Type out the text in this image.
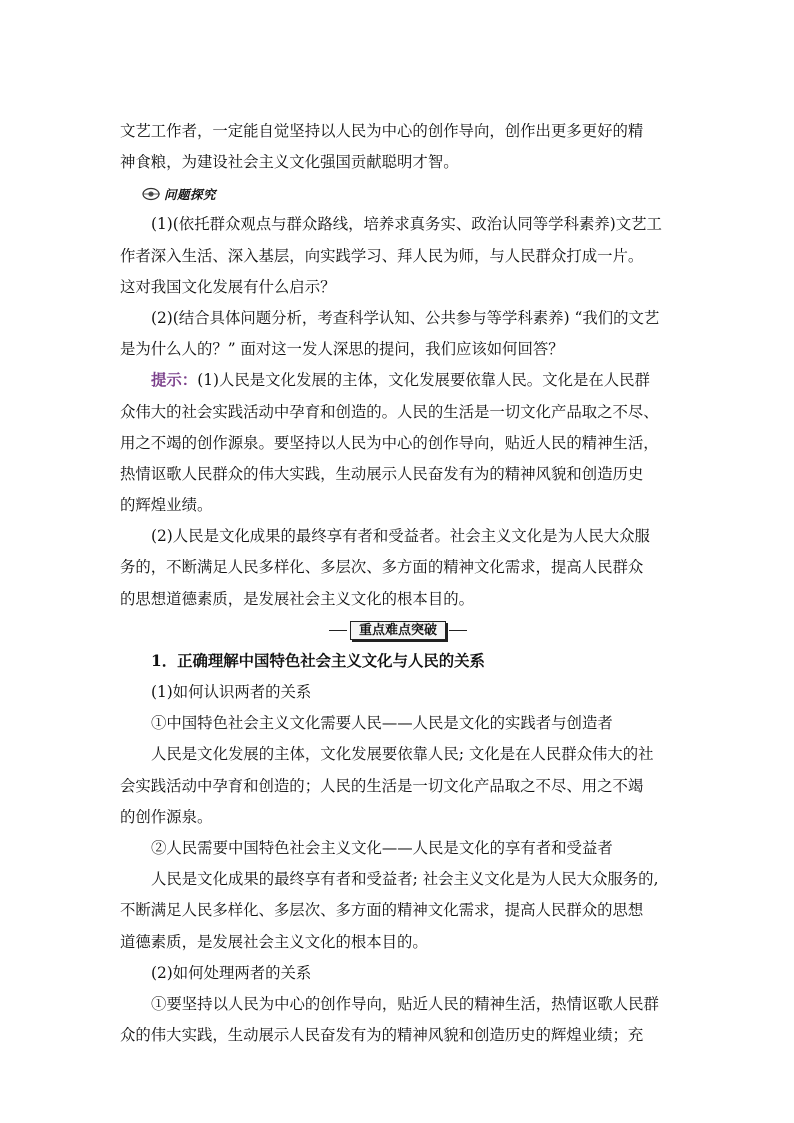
文艺工作者，一定能自觉坚持以人民为中心的创作导向，创作出更多更好的精
神食粮，为建设社会主义文化强国贡献聪明才智。
问题探究
(1)(依托群众观点与群众路线，培养求真务实、政治认同等学科素养)文艺工
作者深入生活、深入基层，向实践学习、拜人民为师，与人民群众打成一片。
这对我国文化发展有什么启示？
(2)(结合具体问题分析，考查科学认知、公共参与等学科素养) “我们的文艺
是为什么人的？” 面对这一发人深思的提问，我们应该如何回答？
提示：(1)人民是文化发展的主体，文化发展要依靠人民。文化是在人民群
众伟大的社会实践活动中孕育和创造的。人民的生活是一切文化产品取之不尽、
用之不竭的创作源泉。要坚持以人民为中心的创作导向，贴近人民的精神生活，
热情讴歌人民群众的伟大实践，生动展示人民奋发有为的精神风貌和创造历史
的辉煌业绩。
(2)人民是文化成果的最终享有者和受益者。社会主义文化是为人民大众服
务的，不断满足人民多样化、多层次、多方面的精神文化需求，提高人民群众
的思想道德素质，是发展社会主义文化的根本目的。
重点难点突破
1．正确理解中国特色社会主义文化与人民的关系
(1)如何认识两者的关系
①中国特色社会主义文化需要人民——人民是文化的实践者与创造者
人民是文化发展的主体，文化发展要依靠人民; 文化是在人民群众伟大的社
会实践活动中孕育和创造的；人民的生活是一切文化产品取之不尽、用之不竭
的创作源泉。
②人民需要中国特色社会主义文化——人民是文化的享有者和受益者
人民是文化成果的最终享有者和受益者; 社会主义文化是为人民大众服务的,
不断满足人民多样化、多层次、多方面的精神文化需求，提高人民群众的思想
道德素质，是发展社会主义文化的根本目的。
(2)如何处理两者的关系
①要坚持以人民为中心的创作导向，贴近人民的精神生活，热情讴歌人民群
众的伟大实践，生动展示人民奋发有为的精神风貌和创造历史的辉煌业绩；充
